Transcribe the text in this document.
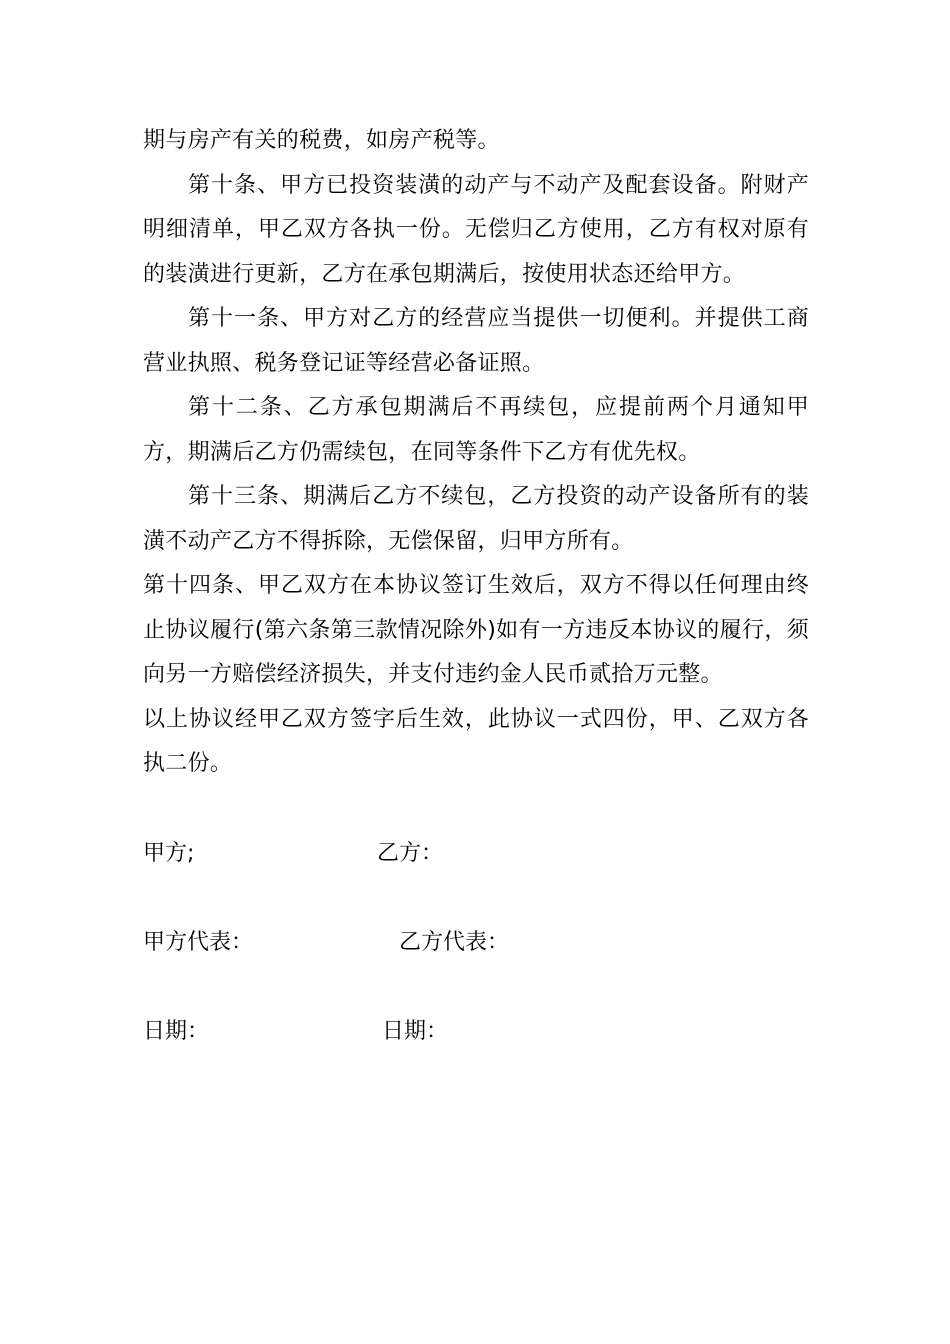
期与房产有关的税费，如房产税等。

第十条、甲方已投资装潢的动产与不动产及配套设备。附财产明细清单，甲乙双方各执一份。无偿归乙方使用，乙方有权对原有的装潢进行更新，乙方在承包期满后，按使用状态还给甲方。

第十一条、甲方对乙方的经营应当提供一切便利。并提供工商营业执照、税务登记证等经营必备证照。

第十二条、乙方承包期满后不再续包，应提前两个月通知甲方，期满后乙方仍需续包，在同等条件下乙方有优先权。

第十三条、期满后乙方不续包，乙方投资的动产设备所有的装潢不动产乙方不得拆除，无偿保留，归甲方所有。

第十四条、甲乙双方在本协议签订生效后，双方不得以任何理由终止协议履行(第六条第三款情况除外)如有一方违反本协议的履行，须向另一方赔偿经济损失，并支付违约金人民币贰拾万元整。

以上协议经甲乙双方签字后生效，此协议一式四份，甲、乙双方各执二份。

甲方;	乙方：
甲方代表：	乙方代表：
日期：	日期：
